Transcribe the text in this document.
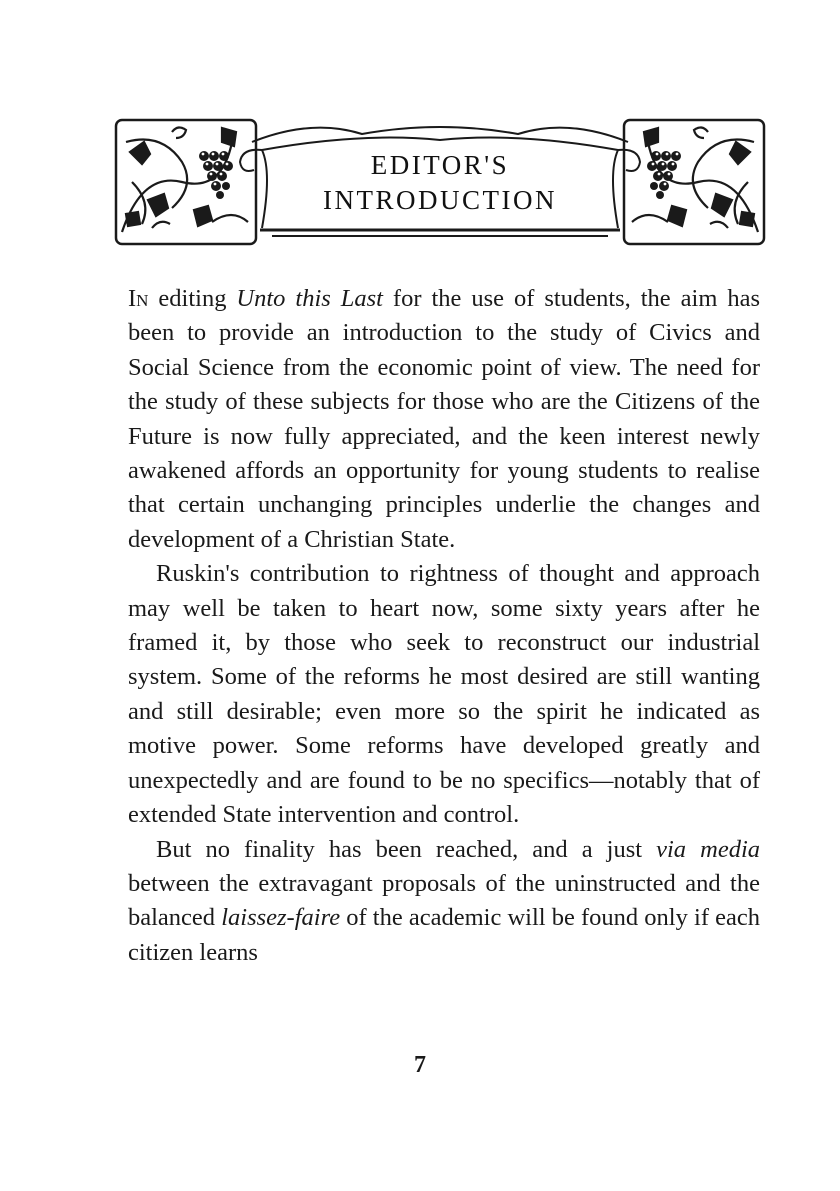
EDITOR'S
INTRODUCTION

In editing Unto this Last for the use of students, the aim has been to provide an introduction to the study of Civics and Social Science from the economic point of view. The need for the study of these subjects for those who are the Citizens of the Future is now fully appreciated, and the keen interest newly awakened affords an opportunity for young students to realise that certain unchanging principles underlie the changes and development of a Christian State.

Ruskin's contribution to rightness of thought and approach may well be taken to heart now, some sixty years after he framed it, by those who seek to reconstruct our industrial system. Some of the reforms he most desired are still wanting and still desirable; even more so the spirit he indicated as motive power. Some reforms have developed greatly and unexpectedly and are found to be no specifics—notably that of extended State intervention and control.

But no finality has been reached, and a just via media between the extravagant proposals of the uninstructed and the balanced laissez-faire of the academic will be found only if each citizen learns

7
